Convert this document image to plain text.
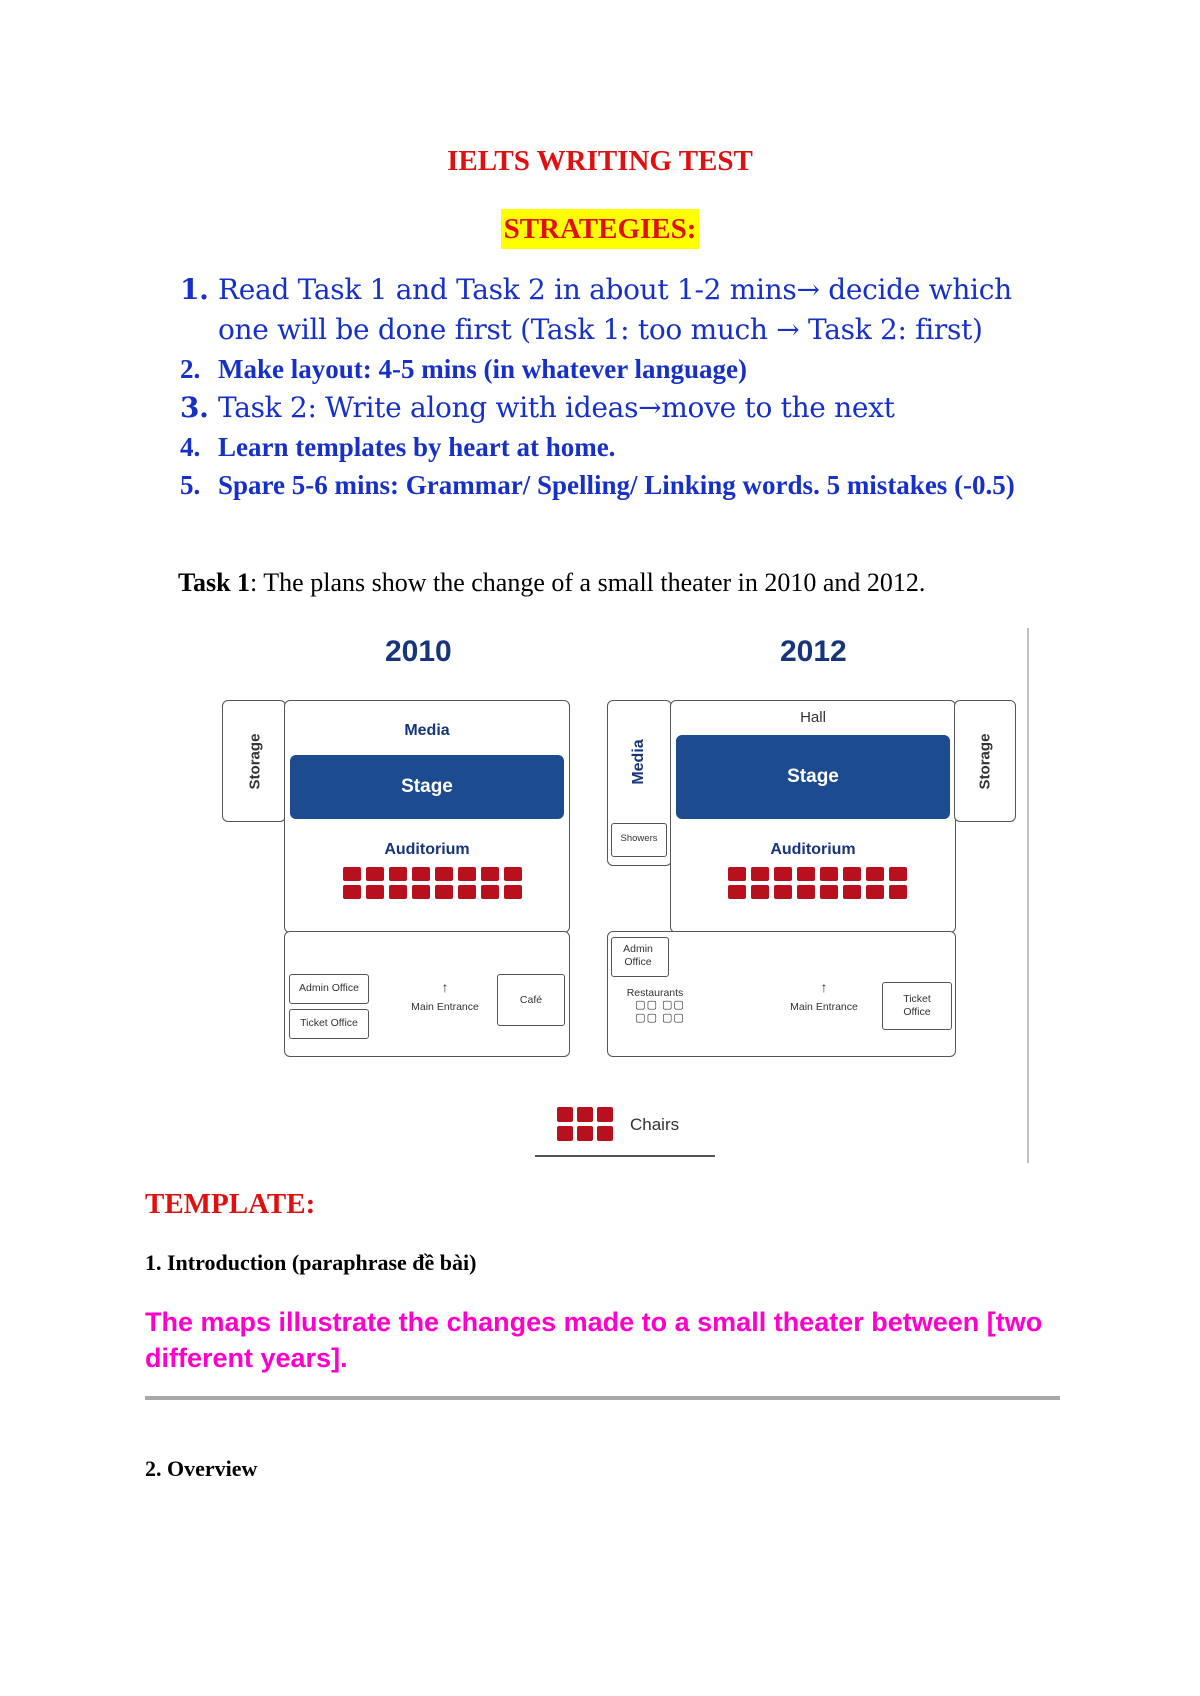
IELTS WRITING TEST
STRATEGIES:
1. Read Task 1 and Task 2 in about 1-2 mins→ decide which one will be done first (Task 1: too much → Task 2: first)
2. Make layout: 4-5 mins (in whatever language)
3. Task 2: Write along with ideas→move to the next
4. Learn templates by heart at home.
5. Spare 5-6 mins: Grammar/ Spelling/ Linking words. 5 mistakes (-0.5)
Task 1: The plans show the change of a small theater in 2010 and 2012.
2010
Storage
Media
Stage
Auditorium
Admin Office
Ticket Office
↑
Main Entrance
Café
2012
Media
Showers
Hall
Stage
Auditorium
Storage
Admin Office
Restaurants
▢▢ ▢▢
▢▢ ▢▢
↑
Main Entrance
Ticket Office
Chairs
TEMPLATE:
1. Introduction (paraphrase đề bài)
The maps illustrate the changes made to a small theater between [two different years].
2. Overview
